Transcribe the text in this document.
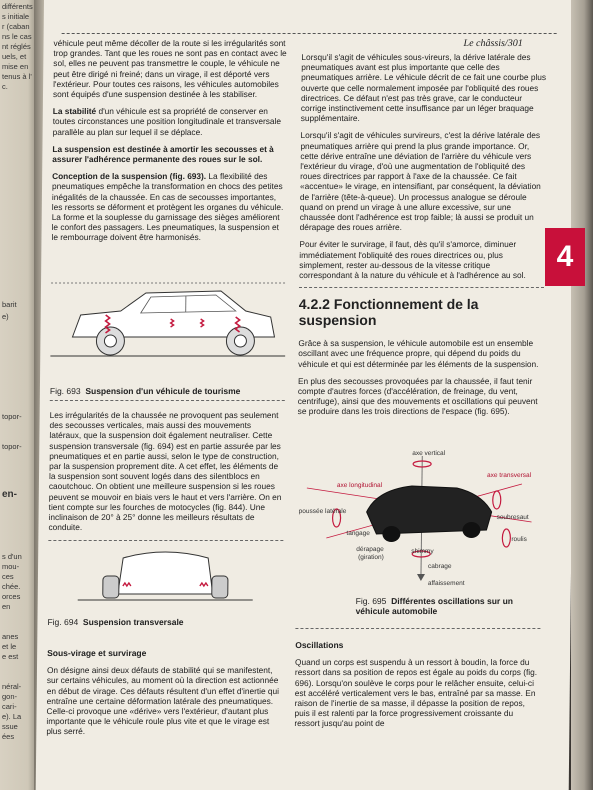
différents
s initiale
r (caban
ns le cas
nt réglés
uels, et
mise en
tenus à l'
c.
barit
e)
topor-
topor-
en-
s d'un
mou-
ces
chée.
orces
en
anes
et le
e est
néral-
gon-
cari-
e). La
ssue
ées
Le châssis/301

véhicule peut même décoller de la route si les irrégularités sont trop grandes. Tant que les roues ne sont pas en contact avec le sol, elles ne peuvent pas transmettre le couple, le véhicule ne peut être dirigé ni freiné; dans un virage, il est déporté vers l'extérieur. Pour toutes ces raisons, les véhicules automobiles sont équipés d'une suspension destinée à les stabiliser.

La stabilité d'un véhicule est sa propriété de conserver en toutes circonstances une position longitudinale et transversale parallèle au plan sur lequel il se déplace.

La suspension est destinée à amortir les secousses et à assurer l'adhérence permanente des roues sur le sol.

Conception de la suspension (fig. 693). La flexibilité des pneumatiques empêche la transformation en chocs des petites inégalités de la chaussée. En cas de secousses importantes, les ressorts se déforment et protègent les organes du véhicule. La forme et la souplesse du garnissage des sièges améliorent le confort des passagers. Les pneumatiques, la suspension et le rembourrage doivent être harmonisés.

Fig. 693 Suspension d'un véhicule de tourisme

Les irrégularités de la chaussée ne provoquent pas seulement des secousses verticales, mais aussi des mouvements latéraux, que la suspension doit également neutraliser. Cette suspension transversale (fig. 694) est en partie assurée par les pneumatiques et en partie aussi, selon le type de construction, par la suspension proprement dite. A cet effet, les éléments de la suspension sont souvent logés dans des silentblocs en caoutchouc. On obtient une meilleure suspension si les roues peuvent se mouvoir en biais vers le haut et vers l'arrière. On en tient compte sur les fourches de motocycles (fig. 844). Une inclinaison de 20° à 25° donne les meilleurs résultats de conduite.

Fig. 694 Suspension transversale

Sous-virage et survirage

On désigne ainsi deux défauts de stabilité qui se manifestent, sur certains véhicules, au moment où la direction est actionnée en début de virage. Ces défauts résultent d'un effet d'inertie qui entraîne une certaine déformation latérale des pneumatiques. Celle-ci provoque une «dérive» vers l'extérieur, d'autant plus importante que le véhicule roule plus vite et que le virage est plus serré.

Lorsqu'il s'agit de véhicules sous-vireurs, la dérive latérale des pneumatiques avant est plus importante que celle des pneumatiques arrière. Le véhicule décrit de ce fait une courbe plus ouverte que celle normalement imposée par l'obliquité des roues directrices. Ce défaut n'est pas très grave, car le conducteur corrige instinctivement cette insuffisance par un léger braquage supplémentaire.

Lorsqu'il s'agit de véhicules survireurs, c'est la dérive latérale des pneumatiques arrière qui prend la plus grande importance. Or, cette dérive entraîne une déviation de l'arrière du véhicule vers l'extérieur du virage, d'où une augmentation de l'obliquité des roues directrices par rapport à l'axe de la chaussée. Ce fait «accentue» le virage, en intensifiant, par conséquent, la déviation de l'arrière (tête-à-queue). Un processus analogue se déroule quand on prend un virage à une allure excessive, sur une chaussée dont l'adhérence est trop faible; là aussi se produit un dérapage des roues arrière.

Pour éviter le survirage, il faut, dès qu'il s'amorce, diminuer immédiatement l'obliquité des roues directrices ou, plus simplement, rester au-dessous de la vitesse critique correspondant à la nature du véhicule et à l'adhérence au sol.

4.2.2 Fonctionnement de la suspension

Grâce à sa suspension, le véhicule automobile est un ensemble oscillant avec une fréquence propre, qui dépend du poids du véhicule et qui est déterminée par les éléments de la suspension.

En plus des secousses provoquées par la chaussée, il faut tenir compte d'autres forces (d'accélération, de freinage, du vent, centrifuge), ainsi que des mouvements et oscillations qui peuvent se produire dans les trois directions de l'espace (fig. 695).

axe vertical
axe longitudinal
axe transversal
poussée latérale
tangage
soubresaut
roulis
dérapage
(giration)
shimmy
cabrage
affaissement
Fig. 695 Différentes oscillations sur un véhicule automobile

Oscillations

Quand un corps est suspendu à un ressort à boudin, la force du ressort dans sa position de repos est égale au poids du corps (fig. 696). Lorsqu'on soulève le corps pour le relâcher ensuite, celui-ci est accéléré verticalement vers le bas, entraîné par sa masse. En raison de l'inertie de sa masse, il dépasse la position de repos, puis il est ralenti par la force progressivement croissante du ressort jusqu'au point de

4
